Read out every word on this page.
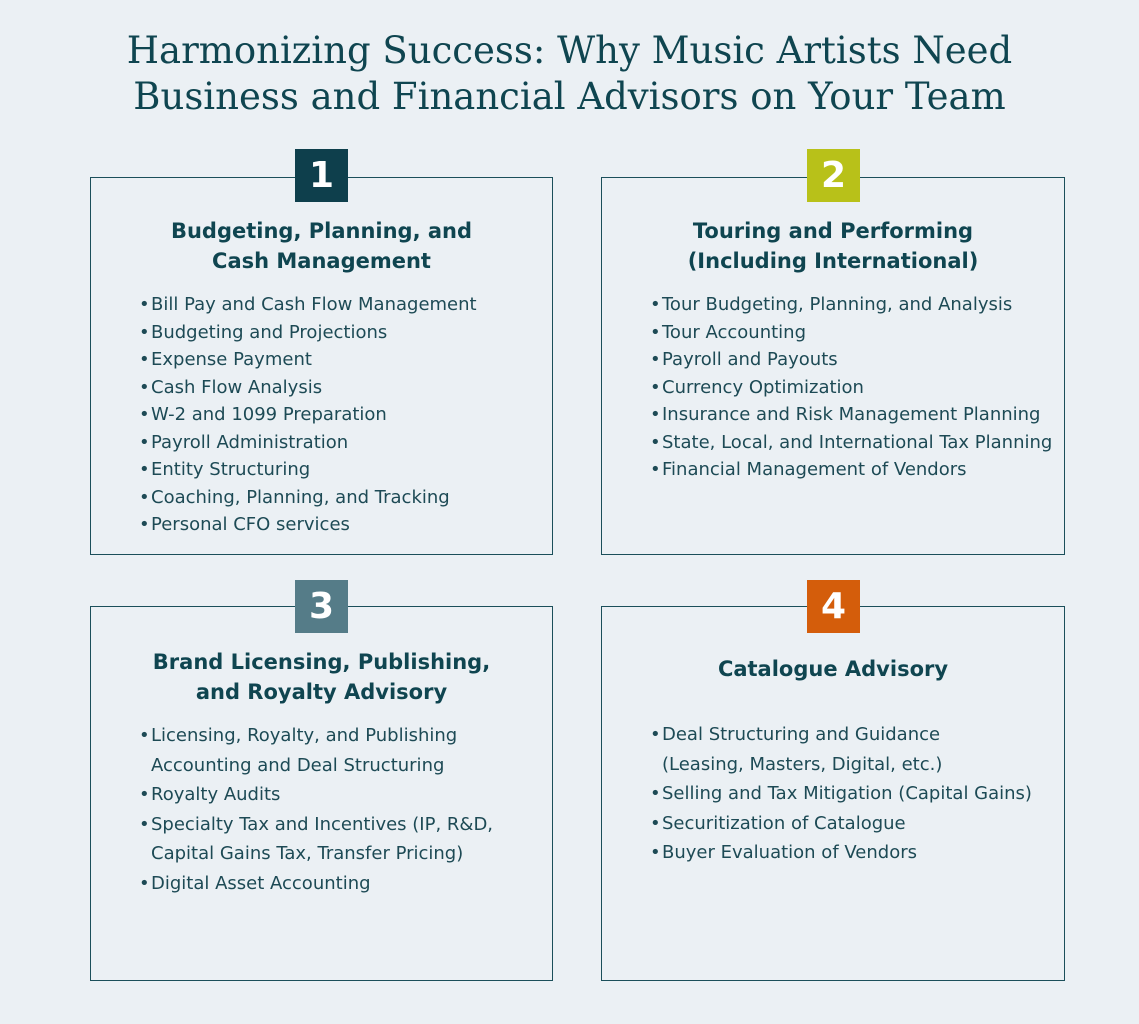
Harmonizing Success: Why Music Artists Need
Business and Financial Advisors on Your Team
Budgeting, Planning, and
Cash Management
• Bill Pay and Cash Flow Management
• Budgeting and Projections
• Expense Payment
• Cash Flow Analysis
• W-2 and 1099 Preparation
• Payroll Administration
• Entity Structuring
• Coaching, Planning, and Tracking
• Personal CFO services
1
Touring and Performing
(Including International)
• Tour Budgeting, Planning, and Analysis
• Tour Accounting
• Payroll and Payouts
• Currency Optimization
• Insurance and Risk Management Planning
• State, Local, and International Tax Planning
• Financial Management of Vendors
2
Brand Licensing, Publishing,
and Royalty Advisory
• Licensing, Royalty, and Publishing
Accounting and Deal Structuring
• Royalty Audits
• Specialty Tax and Incentives (IP, R&D,
Capital Gains Tax, Transfer Pricing)
• Digital Asset Accounting
3
Catalogue Advisory
• Deal Structuring and Guidance
(Leasing, Masters, Digital, etc.)
• Selling and Tax Mitigation (Capital Gains)
• Securitization of Catalogue
• Buyer Evaluation of Vendors
4
